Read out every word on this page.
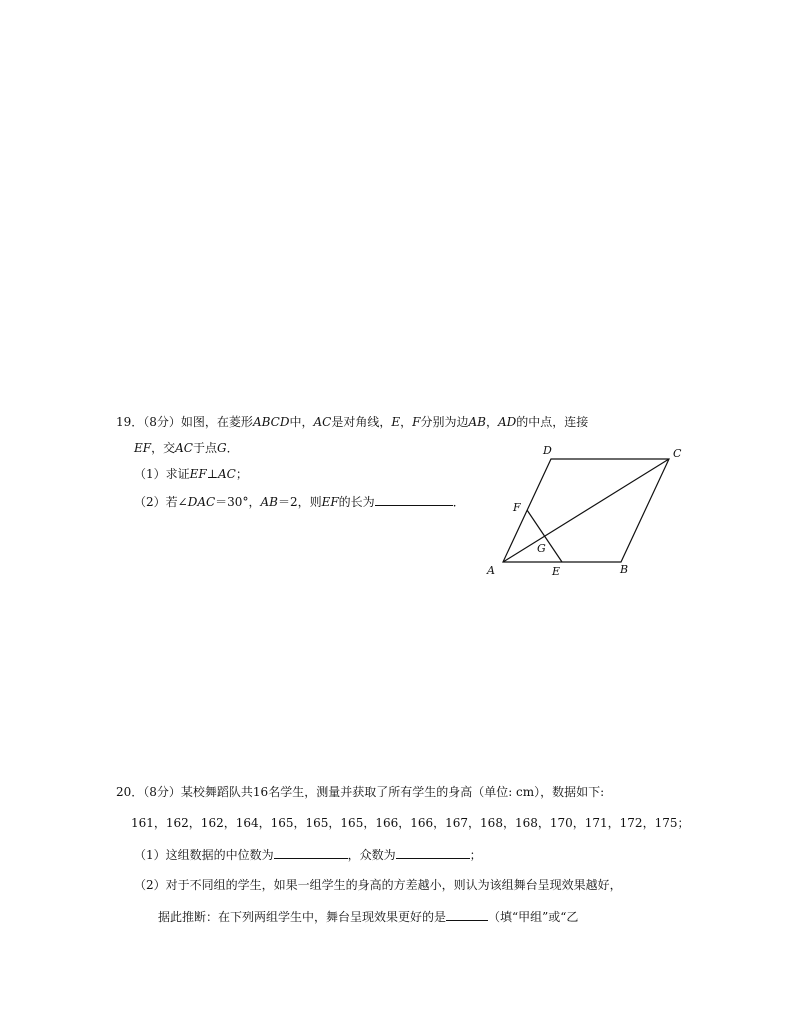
19．（8分）如图，在菱形ABCD中，AC是对角线，E，F分别为边AB，AD的中点，连接
EF，交AC于点G．
（1）求证EF⊥AC；
（2）若∠DAC＝30°，AB＝2，则EF的长为	．
D	C
F
G
A	E	B
20．（8分）某校舞蹈队共16名学生，测量并获取了所有学生的身高（单位: cm），数据如下:
161，162，162，164，165，165，165，166，166，167，168，168，170，171，172，175；
（1）这组数据的中位数为	，众数为	；
（2）对于不同组的学生，如果一组学生的身高的方差越小，则认为该组舞台呈现效果越好，
据此推断：在下列两组学生中，舞台呈现效果更好的是	（填“甲组”或“乙
